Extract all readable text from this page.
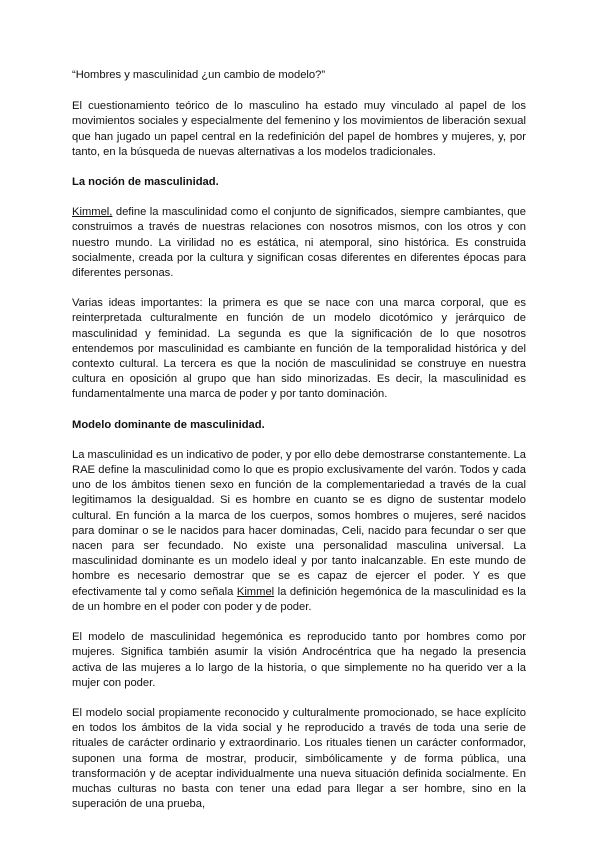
“Hombres y masculinidad ¿un cambio de modelo?”

El cuestionamiento teórico de lo masculino ha estado muy vinculado al papel de los movimientos sociales y especialmente del femenino y los movimientos de liberación sexual que han jugado un papel central en la redefinición del papel de hombres y mujeres, y, por tanto, en la búsqueda de nuevas alternativas a los modelos tradicionales.

La noción de masculinidad.

Kimmel, define la masculinidad como el conjunto de significados, siempre cambiantes, que construimos a través de nuestras relaciones con nosotros mismos, con los otros y con nuestro mundo. La virilidad no es estática, ni atemporal, sino histórica. Es construida socialmente, creada por la cultura y significan cosas diferentes en diferentes épocas para diferentes personas.

Varias ideas importantes: la primera es que se nace con una marca corporal, que es reinterpretada culturalmente en función de un modelo dicotómico y jerárquico de masculinidad y feminidad. La segunda es que la significación de lo que nosotros entendemos por masculinidad es cambiante en función de la temporalidad histórica y del contexto cultural. La tercera es que la noción de masculinidad se construye en nuestra cultura en oposición al grupo que han sido minorizadas. Es decir, la masculinidad es fundamentalmente una marca de poder y por tanto dominación.

Modelo dominante de masculinidad.

La masculinidad es un indicativo de poder, y por ello debe demostrarse constantemente. La RAE define la masculinidad como lo que es propio exclusivamente del varón. Todos y cada uno de los ámbitos tienen sexo en función de la complementariedad a través de la cual legitimamos la desigualdad. Si es hombre en cuanto se es digno de sustentar modelo cultural. En función a la marca de los cuerpos, somos hombres o mujeres, seré nacidos para dominar o se le nacidos para hacer dominadas, Celi, nacido para fecundar o ser que nacen para ser fecundado. No existe una personalidad masculina universal. La masculinidad dominante es un modelo ideal y por tanto inalcanzable. En este mundo de hombre es necesario demostrar que se es capaz de ejercer el poder. Y es que efectivamente tal y como señala Kimmel la definición hegemónica de la masculinidad es la de un hombre en el poder con poder y de poder.

El modelo de masculinidad hegemónica es reproducido tanto por hombres como por mujeres. Significa también asumir la visión Androcéntrica que ha negado la presencia activa de las mujeres a lo largo de la historia, o que simplemente no ha querido ver a la mujer con poder.

El modelo social propiamente reconocido y culturalmente promocionado, se hace explícito en todos los ámbitos de la vida social y he reproducido a través de toda una serie de rituales de carácter ordinario y extraordinario. Los rituales tienen un carácter conformador, suponen una forma de mostrar, producir, simbólicamente y de forma pública, una transformación y de aceptar individualmente una nueva situación definida socialmente. En muchas culturas no basta con tener una edad para llegar a ser hombre, sino en la superación de una prueba,
